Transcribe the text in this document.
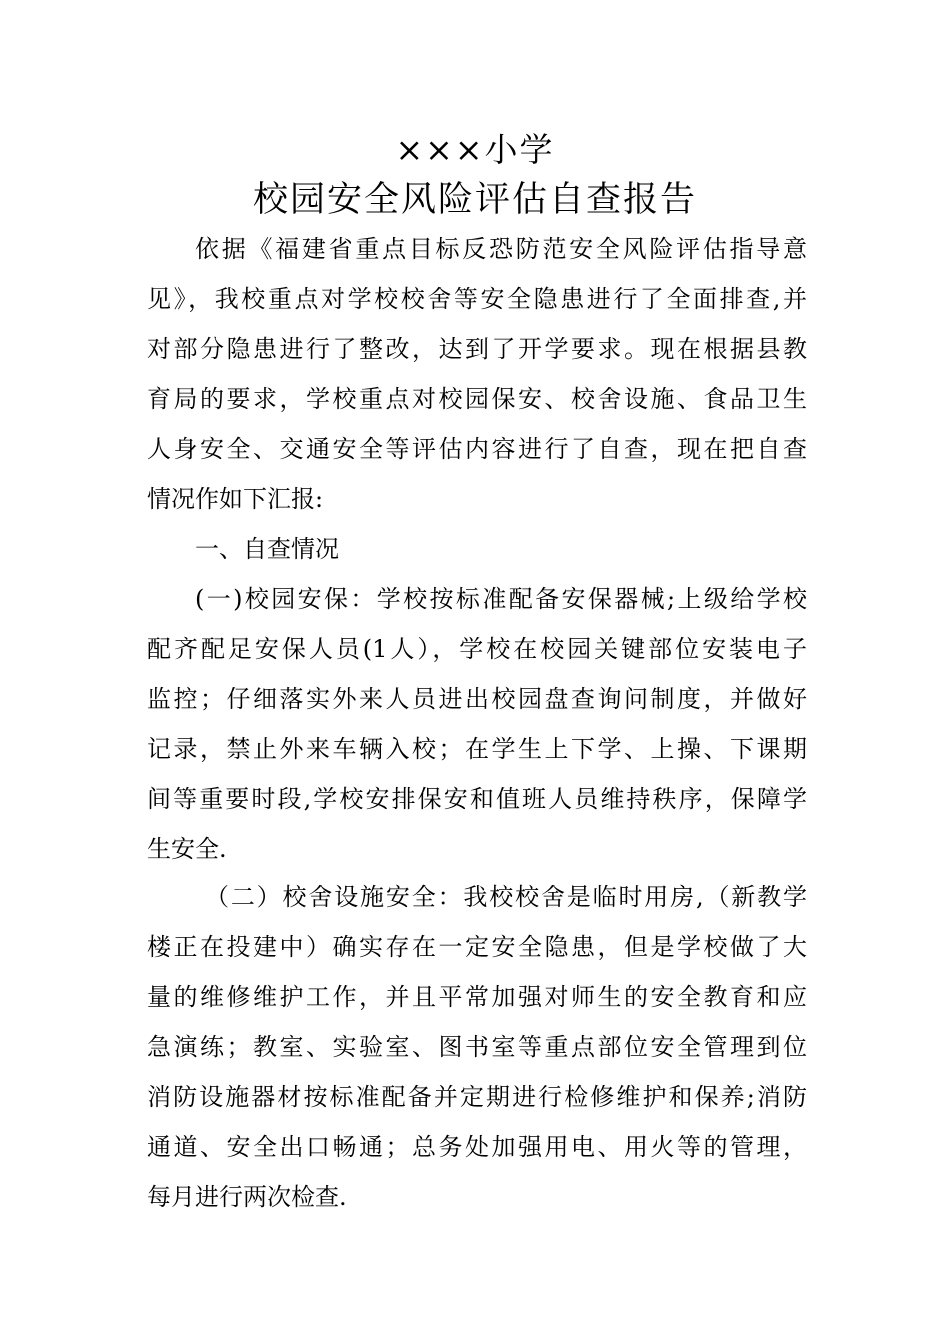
×××小学
校园安全风险评估自查报告
依据《福建省重点目标反恐防范安全风险评估指导意
见》，我校重点对学校校舍等安全隐患进行了全面排查,并
对部分隐患进行了整改，达到了开学要求。现在根据县教
育局的要求，学校重点对校园保安、校舍设施、食品卫生
人身安全、交通安全等评估内容进行了自查，现在把自查
情况作如下汇报:
一、自查情况
(一)校园安保：学校按标准配备安保器械;上级给学校
配齐配足安保人员(1人），学校在校园关键部位安装电子
监控；仔细落实外来人员进出校园盘查询问制度，并做好
记录，禁止外来车辆入校；在学生上下学、上操、下课期
间等重要时段,学校安排保安和值班人员维持秩序，保障学
生安全.
（二）校舍设施安全：我校校舍是临时用房,（新教学
楼正在投建中）确实存在一定安全隐患，但是学校做了大
量的维修维护工作，并且平常加强对师生的安全教育和应
急演练；教室、实验室、图书室等重点部位安全管理到位
消防设施器材按标准配备并定期进行检修维护和保养;消防
通道、安全出口畅通；总务处加强用电、用火等的管理，
每月进行两次检查.
